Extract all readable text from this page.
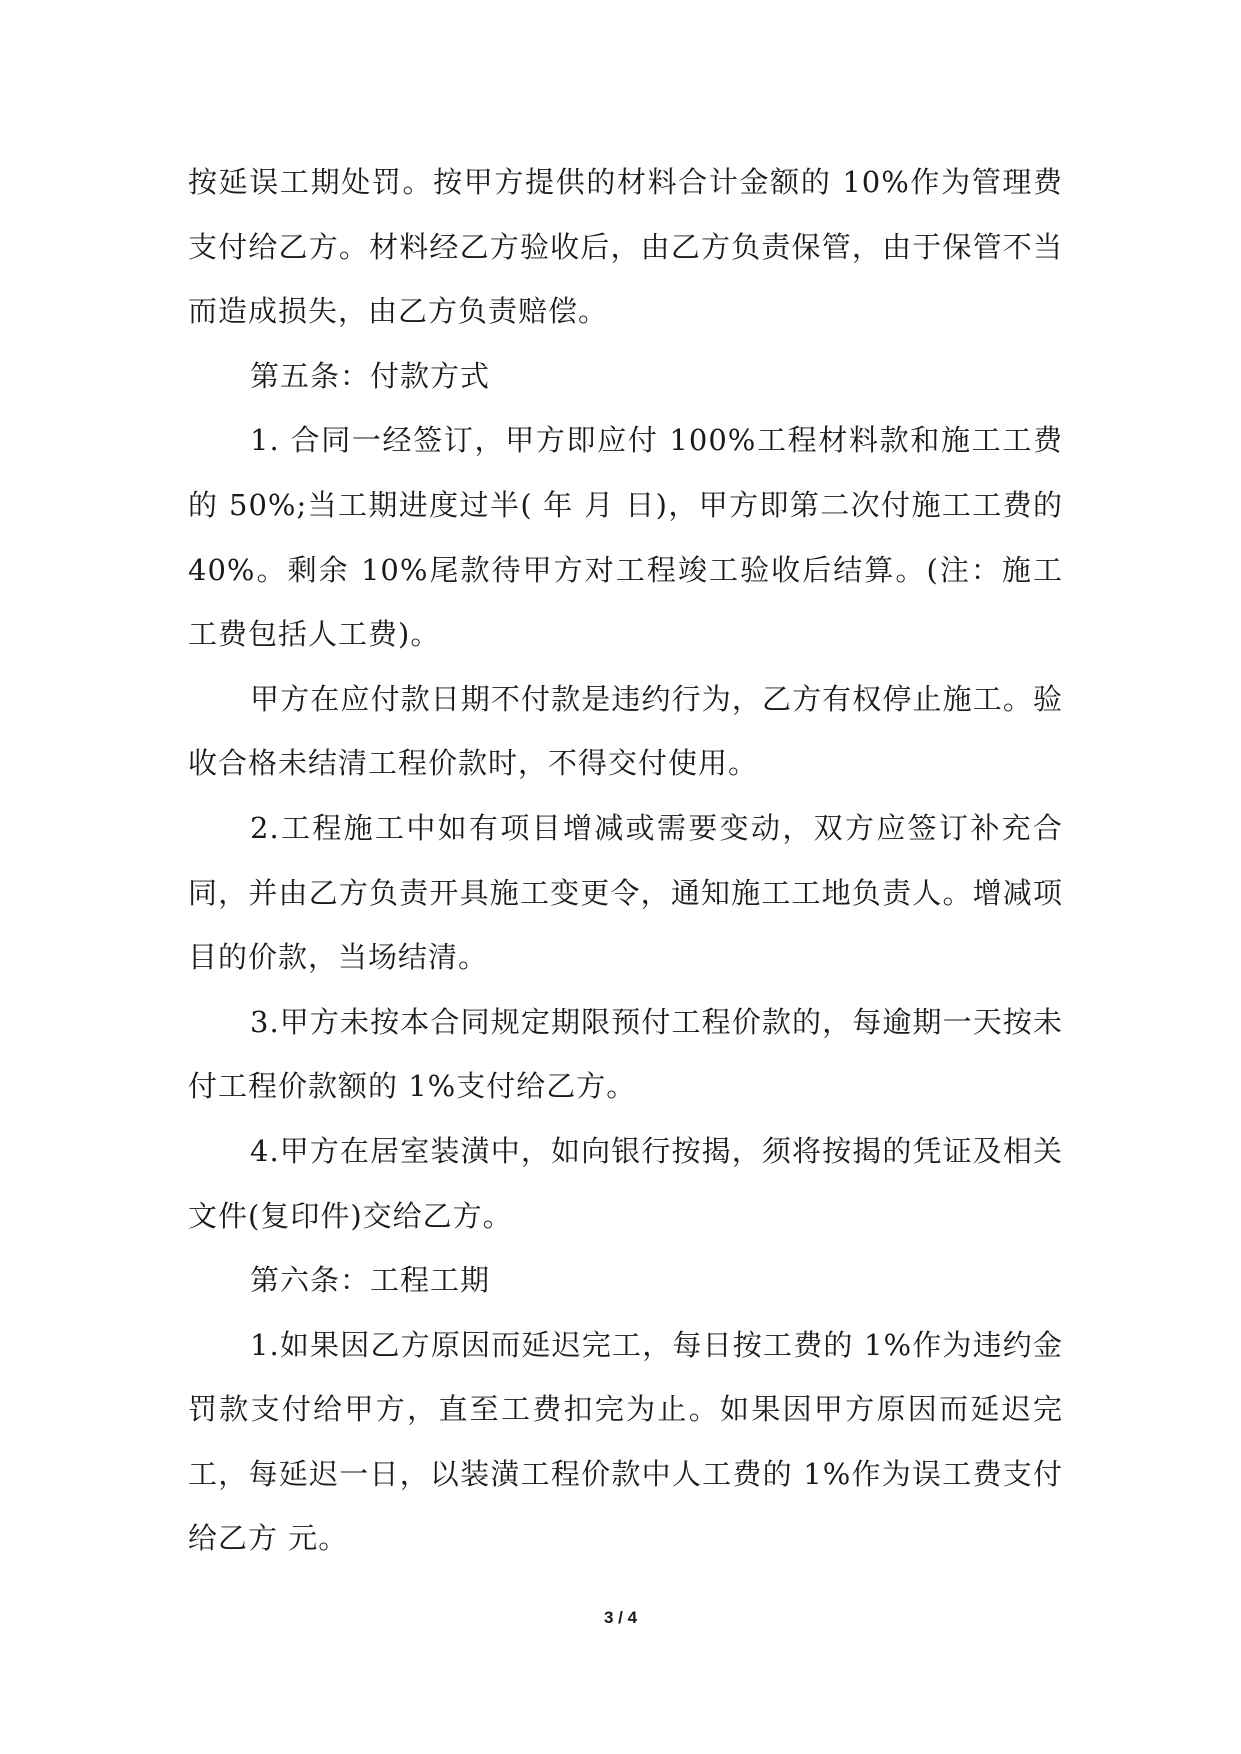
按延误工期处罚。按甲方提供的材料合计金额的 10%作为管理费支付给乙方。材料经乙方验收后，由乙方负责保管，由于保管不当而造成损失，由乙方负责赔偿。

第五条：付款方式

1. 合同一经签订，甲方即应付 100%工程材料款和施工工费的 50%;当工期进度过半( 年 月 日)，甲方即第二次付施工工费的 40%。剩余 10%尾款待甲方对工程竣工验收后结算。(注：施工工费包括人工费)。

甲方在应付款日期不付款是违约行为，乙方有权停止施工。验收合格未结清工程价款时，不得交付使用。

2.工程施工中如有项目增减或需要变动，双方应签订补充合同，并由乙方负责开具施工变更令，通知施工工地负责人。增减项目的价款，当场结清。

3.甲方未按本合同规定期限预付工程价款的，每逾期一天按未付工程价款额的 1%支付给乙方。

4.甲方在居室装潢中，如向银行按揭，须将按揭的凭证及相关文件(复印件)交给乙方。

第六条：工程工期

1.如果因乙方原因而延迟完工，每日按工费的 1%作为违约金罚款支付给甲方，直至工费扣完为止。如果因甲方原因而延迟完工，每延迟一日，以装潢工程价款中人工费的 1%作为误工费支付给乙方 元。

3 / 4
